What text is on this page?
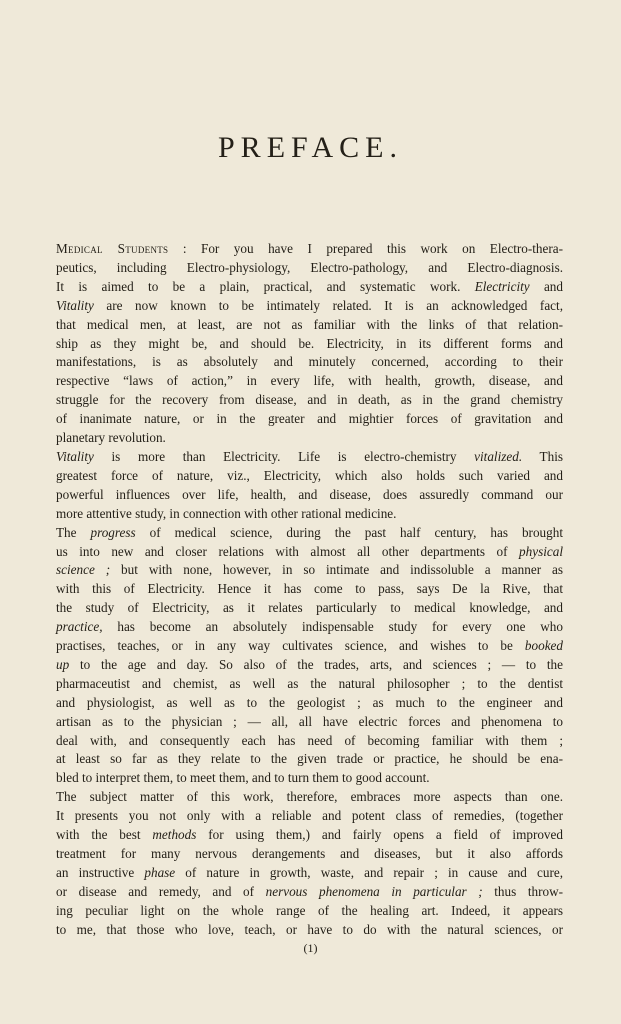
PREFACE.
Medical Students : For you have I prepared this work on Electro-thera-
peutics, including Electro-physiology, Electro-pathology, and Electro-diagnosis.
It is aimed to be a plain, practical, and systematic work. Electricity and
Vitality are now known to be intimately related. It is an acknowledged fact,
that medical men, at least, are not as familiar with the links of that relation-
ship as they might be, and should be. Electricity, in its different forms and
manifestations, is as absolutely and minutely concerned, according to their
respective “laws of action,” in every life, with health, growth, disease, and
struggle for the recovery from disease, and in death, as in the grand chemistry
of inanimate nature, or in the greater and mightier forces of gravitation and
planetary revolution.
Vitality is more than Electricity. Life is electro-chemistry vitalized. This
greatest force of nature, viz., Electricity, which also holds such varied and
powerful influences over life, health, and disease, does assuredly command our
more attentive study, in connection with other rational medicine.
The progress of medical science, during the past half century, has brought
us into new and closer relations with almost all other departments of physical
science ; but with none, however, in so intimate and indissoluble a manner as
with this of Electricity. Hence it has come to pass, says De la Rive, that
the study of Electricity, as it relates particularly to medical knowledge, and
practice, has become an absolutely indispensable study for every one who
practises, teaches, or in any way cultivates science, and wishes to be booked
up to the age and day. So also of the trades, arts, and sciences ; — to the
pharmaceutist and chemist, as well as the natural philosopher ; to the dentist
and physiologist, as well as to the geologist ; as much to the engineer and
artisan as to the physician ; — all, all have electric forces and phenomena to
deal with, and consequently each has need of becoming familiar with them ;
at least so far as they relate to the given trade or practice, he should be ena-
bled to interpret them, to meet them, and to turn them to good account.
The subject matter of this work, therefore, embraces more aspects than one.
It presents you not only with a reliable and potent class of remedies, (together
with the best methods for using them,) and fairly opens a field of improved
treatment for many nervous derangements and diseases, but it also affords
an instructive phase of nature in growth, waste, and repair ; in cause and cure,
or disease and remedy, and of nervous phenomena in particular ; thus throw-
ing peculiar light on the whole range of the healing art. Indeed, it appears
to me, that those who love, teach, or have to do with the natural sciences, or
(1)
